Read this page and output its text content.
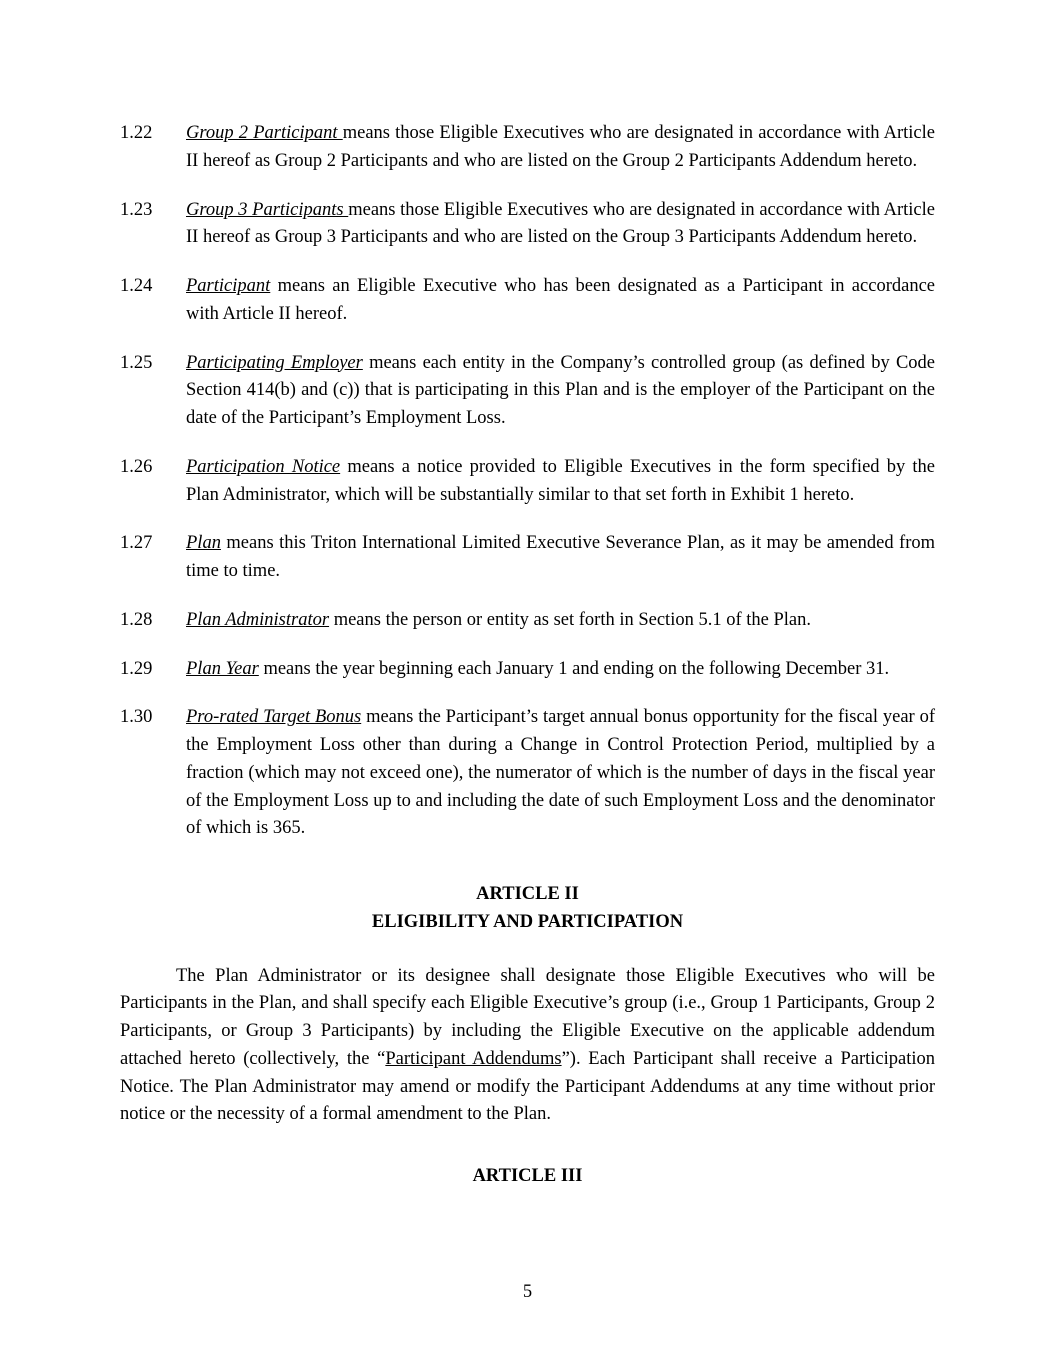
1.22	Group 2 Participant means those Eligible Executives who are designated in accordance with Article II hereof as Group 2 Participants and who are listed on the Group 2 Participants Addendum hereto.
1.23	Group 3 Participants means those Eligible Executives who are designated in accordance with Article II hereof as Group 3 Participants and who are listed on the Group 3 Participants Addendum hereto.
1.24	Participant means an Eligible Executive who has been designated as a Participant in accordance with Article II hereof.
1.25	Participating Employer means each entity in the Company’s controlled group (as defined by Code Section 414(b) and (c)) that is participating in this Plan and is the employer of the Participant on the date of the Participant’s Employment Loss.
1.26	Participation Notice means a notice provided to Eligible Executives in the form specified by the Plan Administrator, which will be substantially similar to that set forth in Exhibit 1 hereto.
1.27	Plan means this Triton International Limited Executive Severance Plan, as it may be amended from time to time.
1.28	Plan Administrator means the person or entity as set forth in Section 5.1 of the Plan.
1.29	Plan Year means the year beginning each January 1 and ending on the following December 31.
1.30	Pro-rated Target Bonus means the Participant’s target annual bonus opportunity for the fiscal year of the Employment Loss other than during a Change in Control Protection Period, multiplied by a fraction (which may not exceed one), the numerator of which is the number of days in the fiscal year of the Employment Loss up to and including the date of such Employment Loss and the denominator of which is 365.
ARTICLE II
ELIGIBILITY AND PARTICIPATION
The Plan Administrator or its designee shall designate those Eligible Executives who will be Participants in the Plan, and shall specify each Eligible Executive’s group (i.e., Group 1 Participants, Group 2 Participants, or Group 3 Participants) by including the Eligible Executive on the applicable addendum attached hereto (collectively, the “Participant Addendums”). Each Participant shall receive a Participation Notice. The Plan Administrator may amend or modify the Participant Addendums at any time without prior notice or the necessity of a formal amendment to the Plan.
ARTICLE III
5
